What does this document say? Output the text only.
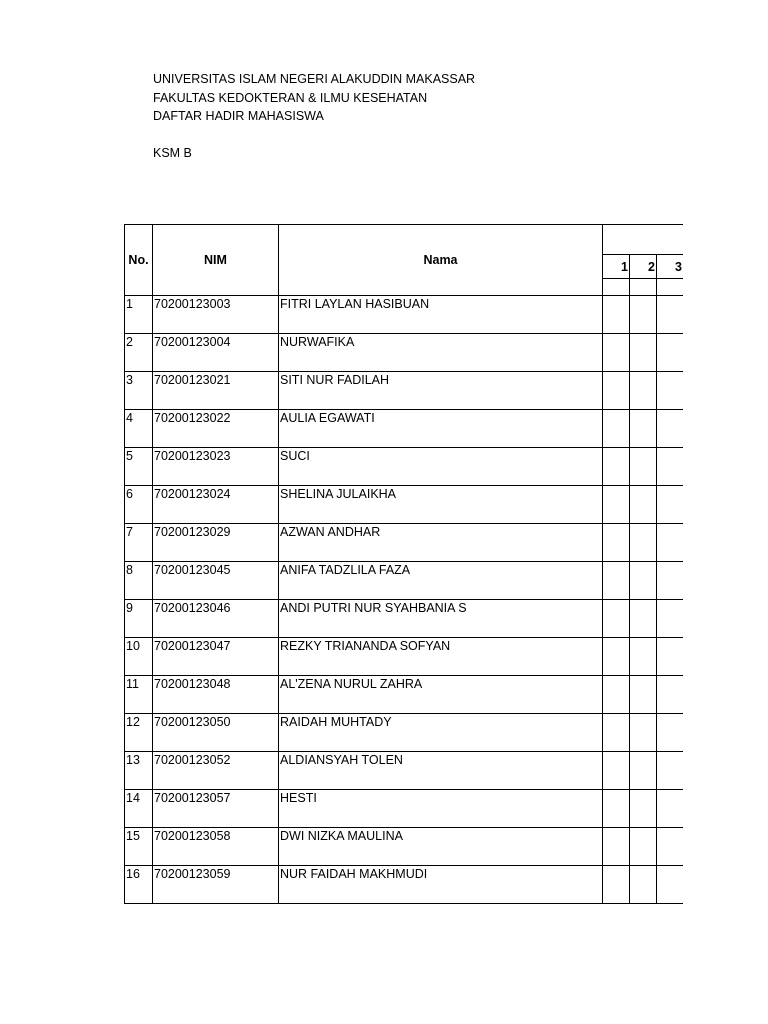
UNIVERSITAS ISLAM NEGERI ALAKUDDIN MAKASSAR
FAKULTAS KEDOKTERAN & ILMU KESEHATAN
DAFTAR HADIR MAHASISWA
KSM B
No.	NIM	Nama				
			1	2	3	

1	70200123003	FITRI LAYLAN HASIBUAN				
2	70200123004	NURWAFIKA				
3	70200123021	SITI NUR FADILAH				
4	70200123022	AULIA EGAWATI				
5	70200123023	SUCI				
6	70200123024	SHELINA JULAIKHA				
7	70200123029	AZWAN ANDHAR				
8	70200123045	ANIFA TADZLILA FAZA				
9	70200123046	ANDI PUTRI NUR SYAHBANIA S				
10	70200123047	REZKY TRIANANDA SOFYAN				
11	70200123048	AL'ZENA NURUL ZAHRA				
12	70200123050	RAIDAH MUHTADY				
13	70200123052	ALDIANSYAH TOLEN				
14	70200123057	HESTI				
15	70200123058	DWI NIZKA MAULINA				
16	70200123059	NUR FAIDAH MAKHMUDI				
